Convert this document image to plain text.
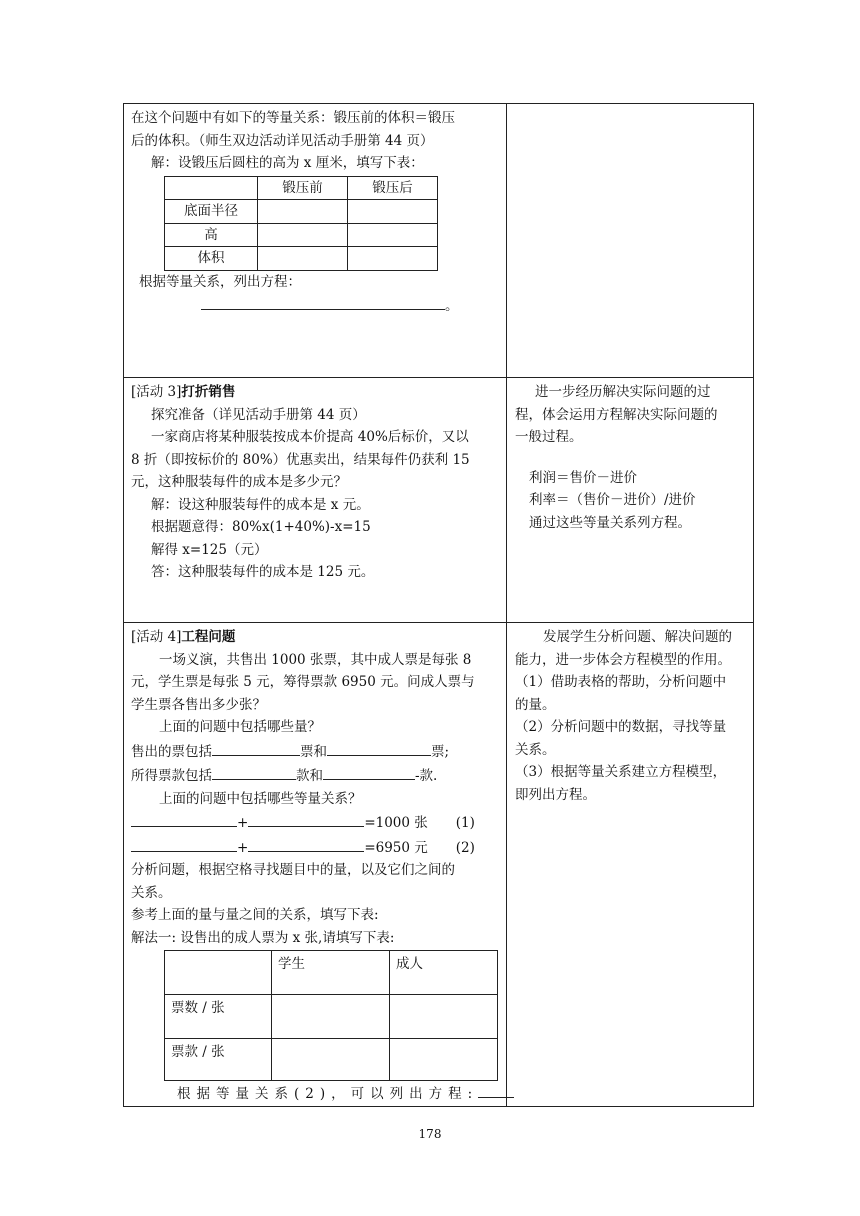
在这个问题中有如下的等量关系：锻压前的体积＝锻压
后的体积。（师生双边活动详见活动手册第 44 页）
解：设锻压后圆柱的高为 x 厘米，填写下表：
	锻压前	锻压后
底面半径		
高		
体积		
根据等量关系，列出方程：
。

[活动 3]打折销售
探究准备（详见活动手册第 44 页）
一家商店将某种服装按成本价提高 40%后标价，又以
8 折（即按标价的 80%）优惠卖出，结果每件仍获利 15
元，这种服装每件的成本是多少元？
解：设这种服装每件的成本是 x 元。
根据题意得：80%x(1+40%)-x=15
解得 x=125（元）
答：这种服装每件的成本是 125 元。

进一步经历解决实际问题的过
程，体会运用方程解决实际问题的
一般过程。
利润＝售价－进价
利率＝（售价－进价）/进价
通过这些等量关系列方程。

[活动 4]工程问题
一场义演，共售出 1000 张票，其中成人票是每张 8
元，学生票是每张 5 元，筹得票款 6950 元。问成人票与
学生票各售出多少张？
上面的问题中包括哪些量？
售出的票包括	票和	票;
所得票款包括	款和	-款.
上面的问题中包括哪些等量关系？
+	=1000 张 (1)
+	=6950 元 (2)
分析问题，根据空格寻找题目中的量，以及它们之间的
关系。
参考上面的量与量之间的关系，填写下表:
解法一: 设售出的成人票为 x 张,请填写下表:
	学生	成人
票数 / 张		
票款 / 张		
根据等量关系(2)，可以列出方程:

发展学生分析问题、解决问题的
能力，进一步体会方程模型的作用。
（1）借助表格的帮助，分析问题中
的量。
（2）分析问题中的数据，寻找等量
关系。
（3）根据等量关系建立方程模型，
即列出方程。
178
